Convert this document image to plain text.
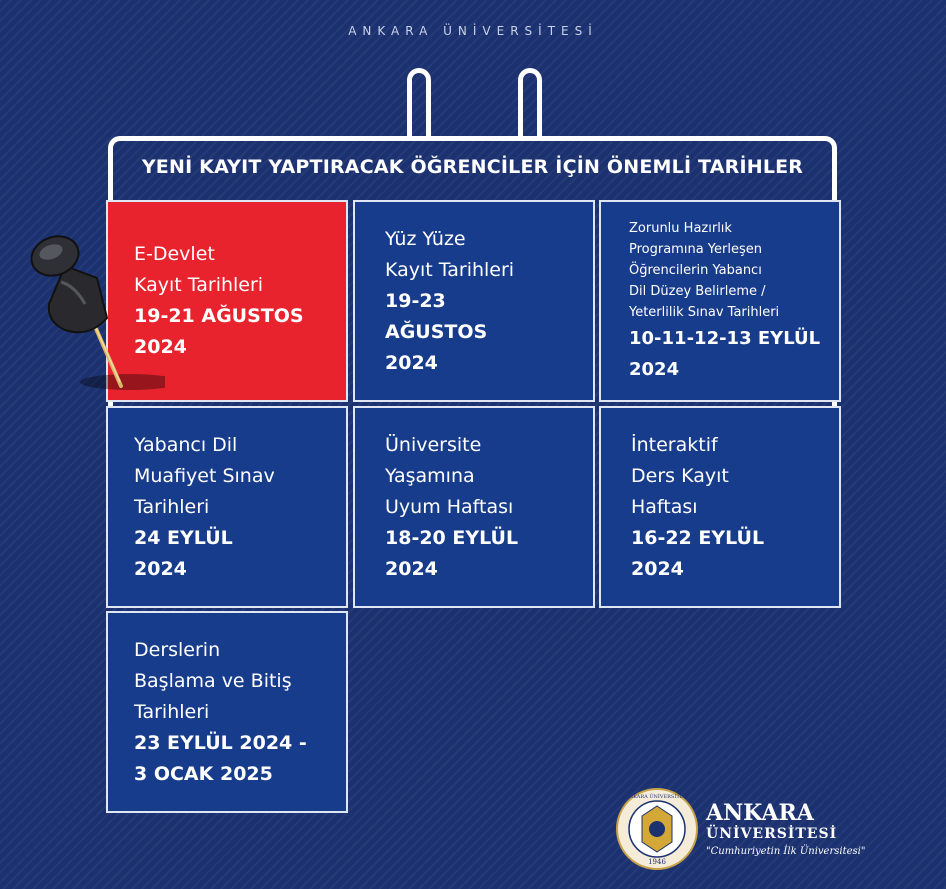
ANKARA ÜNİVERSİTESİ
YENİ KAYIT YAPTIRACAK ÖĞRENCİLER İÇİN ÖNEMLİ TARİHLER
E-Devlet
Kayıt Tarihleri
19-21 AĞUSTOS
2024
Yüz Yüze
Kayıt Tarihleri
19-23
AĞUSTOS
2024
Zorunlu Hazırlık
Programına Yerleşen
Öğrencilerin Yabancı
Dil Düzey Belirleme /
Yeterlilik Sınav Tarihleri
10-11-12-13 EYLÜL
2024
Yabancı Dil
Muafiyet Sınav
Tarihleri
24 EYLÜL
2024
Üniversite
Yaşamına
Uyum Haftası
18-20 EYLÜL
2024
İnteraktif
Ders Kayıt
Haftası
16-22 EYLÜL
2024
Derslerin
Başlama ve Bitiş
Tarihleri
23 EYLÜL 2024 -
3 OCAK 2025
1946
ANKARA ÜNİVERSİTESİ
ANKARA
ÜNİVERSİTESİ
"Cumhuriyetin İlk Üniversitesi"
